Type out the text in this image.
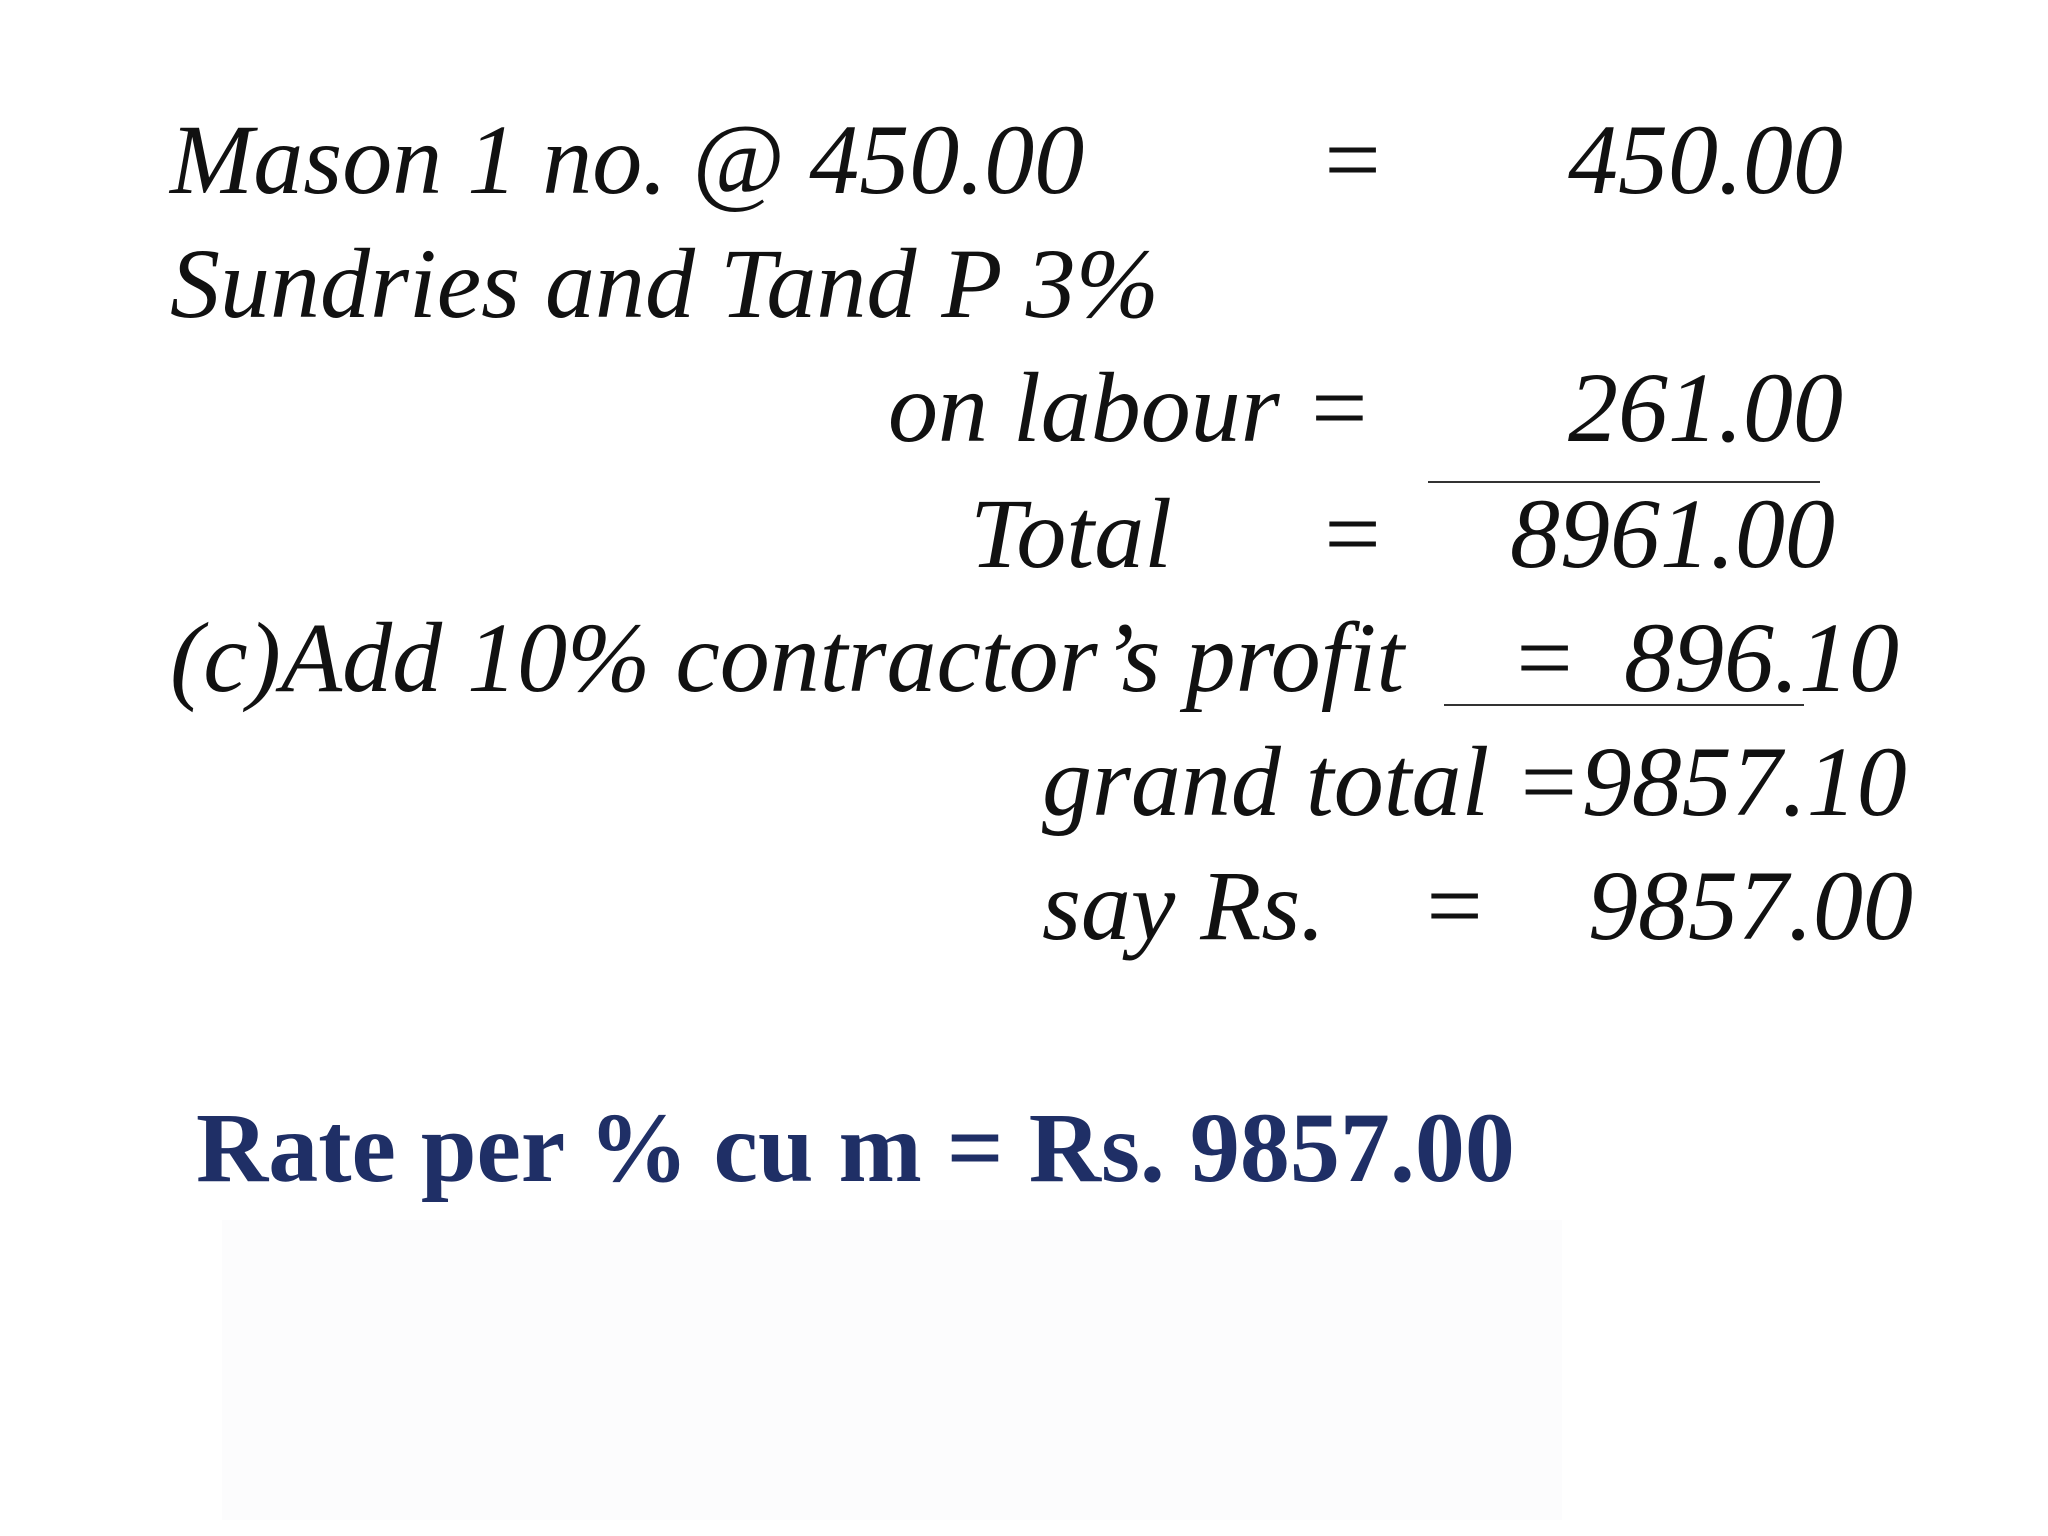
Mason 1 no. @ 450.00 = 450.00
Sundries and Tand P 3%
on labour = 261.00
Total = 8961.00
(c)Add 10% contractor’s profit = 896.10
grand total =9857.10
say Rs. = 9857.00
Rate per % cu m = Rs. 9857.00
